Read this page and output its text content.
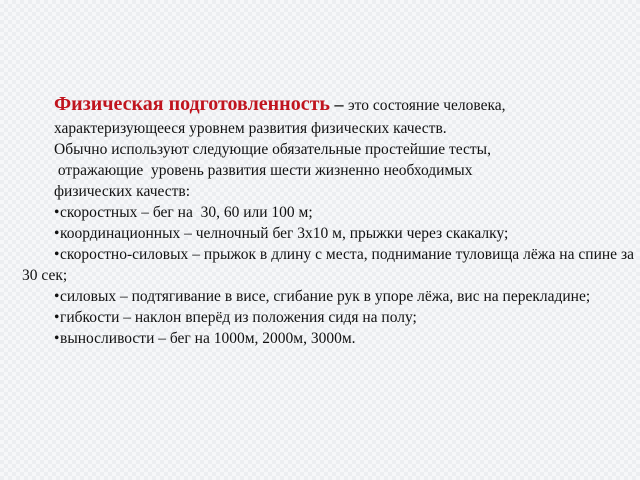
Физическая подготовленность – это состояние человека,

характеризующееся уровнем развития физических качеств.

Обычно используют следующие обязательные простейшие тесты,

отражающие  уровень развития шести жизненно необходимых

физических качеств:

•скоростных – бег на  30, 60 или 100 м;

•координационных – челночный бег 3х10 м, прыжки через скакалку;

•скоростно-силовых – прыжок в длину с места, поднимание туловища лёжа на спине за 30 сек;

•силовых – подтягивание в висе, сгибание рук в упоре лёжа, вис на перекладине;

•гибкости – наклон вперёд из положения сидя на полу;

•выносливости – бег на 1000м, 2000м, 3000м.
